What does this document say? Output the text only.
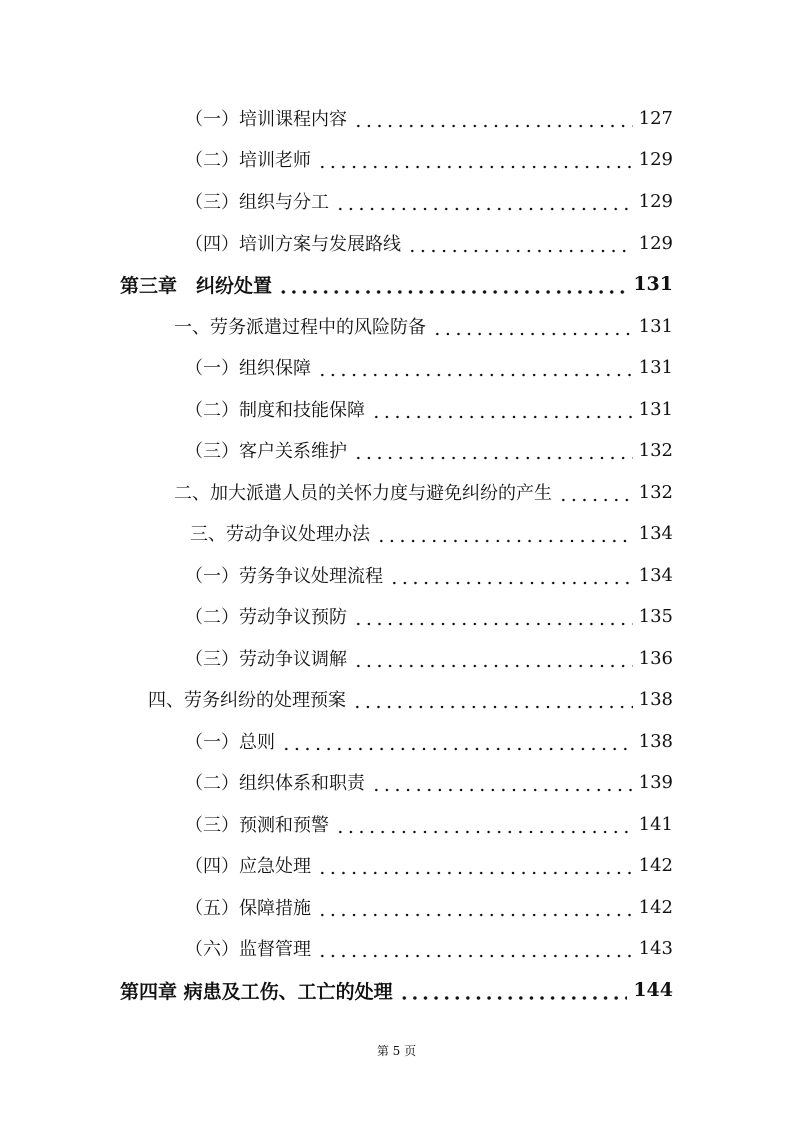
（一）培训课程内容	127
（二）培训老师	129
（三）组织与分工	129
（四）培训方案与发展路线	129
第三章　纠纷处置	131
一、劳务派遣过程中的风险防备	131
（一）组织保障	131
（二）制度和技能保障	131
（三）客户关系维护	132
二、加大派遣人员的关怀力度与避免纠纷的产生	132
三、劳动争议处理办法	134
（一）劳务争议处理流程	134
（二）劳动争议预防	135
（三）劳动争议调解	136
四、劳务纠纷的处理预案	138
（一）总则	138
（二）组织体系和职责	139
（三）预测和预警	141
（四）应急处理	142
（五）保障措施	142
（六）监督管理	143
第四章 病患及工伤、工亡的处理	144
第 5 页
